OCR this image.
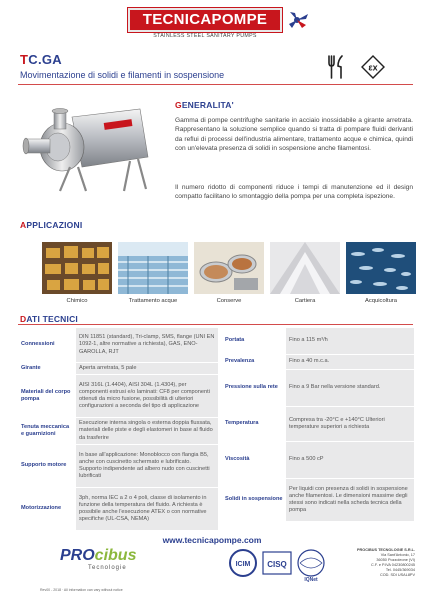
TECNICAPOMPE
STAINLESS STEEL SANITARY PUMPS
TC.GA
Movimentazione di solidi e filamenti in sospensione
εx
GENERALITA'
Gamma di pompe centrifughe sanitarie in acciaio inossidabile a girante arretrata. Rappresentano la soluzione semplice quando si tratta di pompare fluidi derivanti da reflui di processi dell'industria alimentare, trattamento acque e chimica, quindi con un'elevata presenza di solidi in sospensione anche filamentosi.
Il numero ridotto di componenti riduce i tempi di manutenzione ed il design compatto facilitano lo smontaggio della pompa per una completa ispezione.
APPLICAZIONI
Chimico	Trattamento acque	Conserve	Cartiera	Acquicoltura
DATI TECNICI
Connessioni	DIN 11851 (standard), Tri-clamp, SMS, flange (UNI EN 1092-1, altre normative a richiesta), GAS, ENO-GAROLLA, RJT
Girante	Aperta arretrata, 5 pale
Materiali del corpo pompa	AISI 316L (1.4404), AISI 304L (1.4304), per componenti estrusi e/o laminati: CF8 per componenti ottenuti da micro fusione, possibilità di ulteriori configurazioni a seconda del tipo di applicazione
Tenuta meccanica e guarnizioni	Esecuzione interna singola o esterna doppia flussata, materiali delle piste e degli elastomeri in base al fluido da trasferire
Supporto motore	In base all'applicazione: Monoblocco con flangia B5, anche con cuscinetto schermato e lubrificato. Supporto indipendente ad albero nudo con cuscinetti lubrificati
Motorizzazione	3ph, norma IEC a 2 o 4 poli, classe di isolamento in funzione della temperatura del fluido. A richiesta è possibile anche l'esecuzione ATEX o con normative specifiche (UL-CSA, NEMA)
Portata	Fino a 115 m³/h
Prevalenza	Fino a 40 m.c.a.
Pressione sulla rete	Fino a 9 Bar nella versione standard.
Temperatura	Compresa tra -20°C e +140°C Ulteriori temperature superiori a richiesta
Viscosità	Fino a 500 cP
Solidi in sospensione	Per liquidi con presenza di solidi in sospensione anche filamentosi. Le dimensioni massime degli stessi sono indicati nella scheda tecnica della pompa
www.tecnicapompe.com
PROcibus
Tecnologie
Rev00 - 2018 · All information can vary without notice
ICIM CISQ
IQNet
PROCIBUS TECNOLOGIE S.R.L.
Via Sant'Antonio, 17
36050 Pozzoleone (VI)
C.F. e P.IVA 04230800245
Tel. 0445/369034
COD. SDI USAL8PV
